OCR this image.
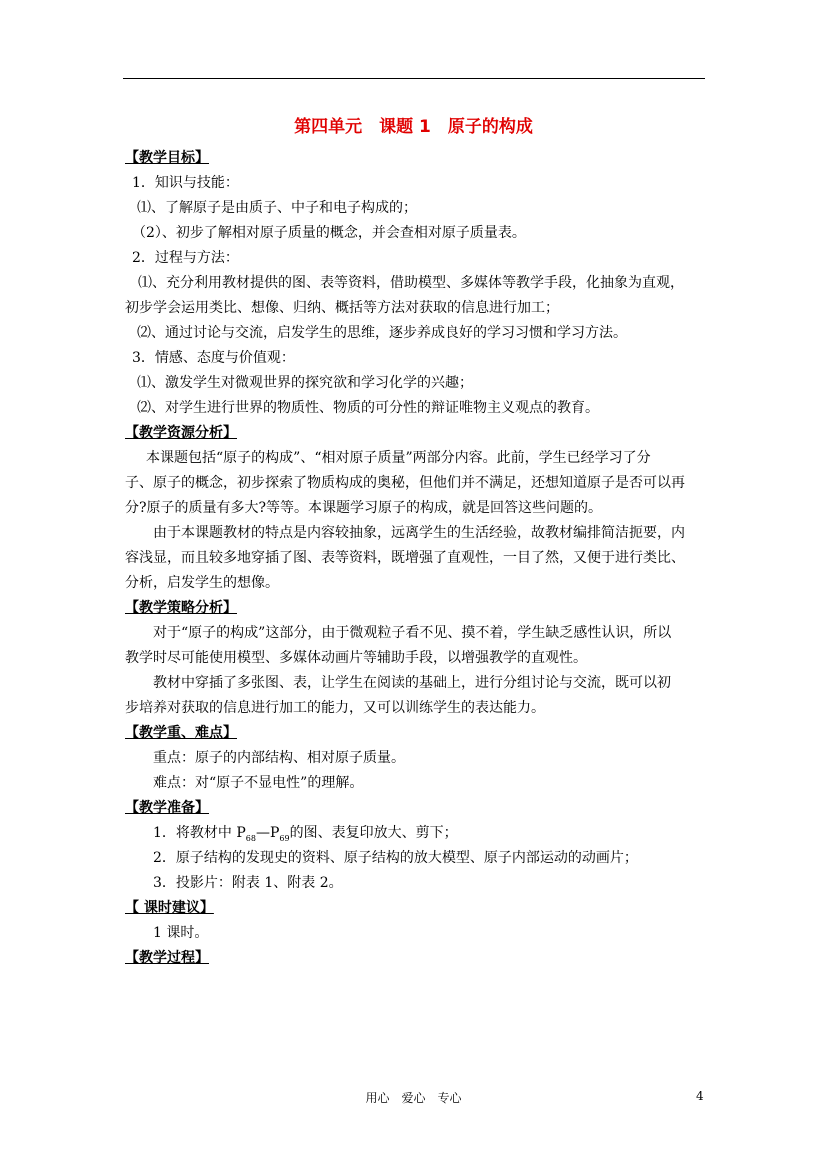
第四单元　课题 1　原子的构成
【教学目标】
1．知识与技能：
⑴、了解原子是由质子、中子和电子构成的；
（2）、初步了解相对原子质量的概念，并会查相对原子质量表。
2．过程与方法：
⑴、充分利用教材提供的图、表等资料，借助模型、多媒体等教学手段，化抽象为直观，
初步学会运用类比、想像、归纳、概括等方法对获取的信息进行加工；
⑵、通过讨论与交流，启发学生的思维，逐步养成良好的学习习惯和学习方法。
3．情感、态度与价值观：
⑴、激发学生对微观世界的探究欲和学习化学的兴趣；
⑵、对学生进行世界的物质性、物质的可分性的辩证唯物主义观点的教育。
【教学资源分析】
本课题包括“原子的构成”、“相对原子质量”两部分内容。此前，学生已经学习了分
子、原子的概念，初步探索了物质构成的奥秘，但他们并不满足，还想知道原子是否可以再
分?原子的质量有多大?等等。本课题学习原子的构成，就是回答这些问题的。
由于本课题教材的特点是内容较抽象，远离学生的生活经验，故教材编排简洁扼要，内
容浅显，而且较多地穿插了图、表等资料，既增强了直观性，一目了然，又便于进行类比、
分析，启发学生的想像。
【教学策略分析】
对于“原子的构成”这部分，由于微观粒子看不见、摸不着，学生缺乏感性认识，所以
教学时尽可能使用模型、多媒体动画片等辅助手段，以增强教学的直观性。
教材中穿插了多张图、表，让学生在阅读的基础上，进行分组讨论与交流，既可以初
步培养对获取的信息进行加工的能力，又可以训练学生的表达能力。
【教学重、难点】
重点：原子的内部结构、相对原子质量。
难点：对“原子不显电性”的理解。
【教学准备】
1．将教材中 $P_{68}—P_{69}$的图、表复印放大、剪下；
2．原子结构的发现史的资料、原子结构的放大模型、原子内部运动的动画片；
3．投影片：附表 1、附表 2。
【 课时建议】
1 课时。
【教学过程】
用心　爱心　专心	4
